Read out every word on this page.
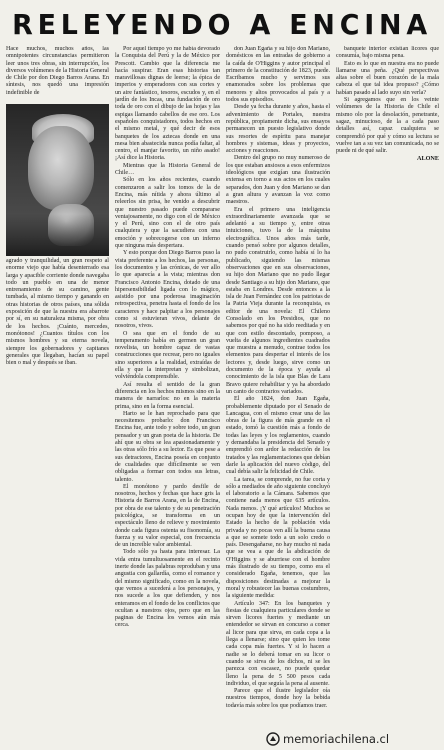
RELEYENDO A ENCINA
Hace muchos, muchos años, las omnipotentes circunstancias permitieron leer unos tres obras, sin interrupción, los diversos volúmenes de la Historia General de Chile por don Diego Barros Arana. En síntesis, nos quedó una impresión indefinible de
agrado y tranquilidad, un gran respeto al enorme viejo que había desenterrado esa larga y apacible corriente donde navegaba todo un pueblo en una de menor entrenamiento de su camino, gente tumbada, al mismo tiempo y ganando en otras historias de otros países, una sólida exposición de que la nuestra era abarrote por sí, en su naturaleza misma, por obra de los hechos. ¡Cuánto, mercedes, monótonos! ¿Cuantos títulos con los mismos hombres y su eterna novela, siempre los gobernadores y capitanes generales que llegaban, hacían su papel bien o mal y después se iban.

Por aquel tiempo yo me había devorado la Conquista del Perú y la de México por Prescott. Cambio que la diferencia me hacía suspirar. Eran esas historias tan maravillosas dignas de leerse; la épica de imperios y emperadores con sus cortes y un aire fantástico, tesoros, escudos y, en el jardín de los Incas, una fundación de oro toda de oro con el dibujo de las hojas y las espigas llamando cabellos de ese oro. Los españoles conquistadores, todos hechos en el mismo metal, y qué decir de esos banquetes de los aztecas donde en una mesa bien abastecida nunca podía faltar, al centro, el manjar favorito, un niño asado! ¡Así dice la Historia.

Mientras que la Historia General de Chile…

Sólo en los años recientes, cuando comenzaron a salir los tomos de la de Encina, más nítida y ahora último al releerlos sin prisa, he venido a descubrir que nuestro pasado puede compararse ventajosamente, no digo con el de México y el Perú, sino con el de otro país cualquiera y que la sacudiera con una emoción y sobrecogerse con un inferno que ninguna más despertara.

Y esto porque don Diego Barros puso la vista preferente a los hechos, las personas, los documentos y las crónicas, de ver allo lo que aparecía a la vista; mientras don Francisco Antonio Encina, dotado de una hipersensibilidad ligada con lo mágico, asistido por una poderosa imaginación retrospectiva, penetra hasta el fondo de los caracteres y hace palpitar a los personajes como si estuvieran vivos, delante de nosotros, vivos.

O sea que en el fondo de su temperamento había en germen un gran novelista, un hombre capaz de vastas construcciones que recrear, pero no iguales sino superiores a la realidad, extraídas de ella y que la interpretan y simbolizan, volviéndola comprensible.

Así resulta el sentido de la gran diferencia en los hechos mismos sino en la manera de narrarlos: no en la materia prima, sino en la forma esencial.

Harto se le han reprochado para que necesitemos probarlo: don Francisco Encina fue, ante todo y sobre todo, un gran pensador y un gran poeta de la historia. De ahí que su obra se lea apasionadamente y las otras sólo frío a su lector. Es que pese a sus detractores, Encina poseía en conjunto de cualidades que difícilmente se ven obligadas a formar con todos sus letras, talento.

El monótono y pardo desfile de nosotros, hechos y fechas que hace gris la Historia de Barros Arana, en la de Encina, por obra de ese talento y de su penetración psicológica, se transforma en un espectáculo lleno de relieve y movimiento donde cada figura ostenta su fisonomía, su fuerza y su valor especial, con frecuencia de un increíble valor ambiental.

Todo sólo ya hasta para interesar. La vida entra tumultuosamente en el recinto inerte donde las palabras reproduban y una angustia con gallardía, como el romance y del mismo significado, como en la novela, que vemos a sucederá a los personajes, y nos sucede a los que defienden, y nos enteramos en el fondo de los conflictos que ocultan a nuestros ojos, pero que en las paginas de Encina los vemos aún más cerca.

don Juan Egaña y su hijo don Mariano, domésticos en las entradas de gobierno a la caída de O'Higgins y autor principal el primero de la constitución de 1823, puede. Escribamos mucho y servimos sus enamorados sobre los problemas que menores y altos provocados al país y a todos sus episodios.

Desde ya fecha durante y años, hasta el advenimiento de Portales, nuestra república, propiamente dicha, sus ensayos permanecen un puesto legislativo donde sus resortes de espíritu para manejar hombres y sistemas, ideas y proyectos, acciones y reacciones.

Dentro del grupo no muy numeroso de los que estaban ansiosos a esos enfermizos ideológicos que exigían una ilustración extensa en torno a sus actos en los cuales separados, don Juan y don Mariano se dan a gran altura y avanzan la voz como maestros.

Era el primero una inteligencia extraordinariamente avanzada que se adelantó a su tiempo y, entre otras intuiciones, tuvo la de la máquina electrográfica. Unos años más tarde, cuando pensó sobre por algunos detalles, no pudo construirlo, como había sí lo ha publicado, siguiendo las mismas observaciones que en sus observaciones, su hijo don Mariano que no pudo llegar desde Santiago a su hijo don Mariano, que estaba en Londres. Desde entonces a la isla de Juan Fernández con los patriotas de la Patria Vieja durante la reconquista, es editor de una novela: El Chileno Consolado en los Presidios, que no sabemos por qué no ha sido reeditada y en que con estilo descontado, pomposo, a vuelta de algunos ingredientes cuadrados que muestra a menudo, contrae todos los elementos para despertar el interés de los lectores y, desde luego, sirve como un documento de la época y ayuda al conocimiento de la isla que Blas de Lara Bravo quiere rehabilitar y ya ha abordado un canto de contrarios variados.

El año 1824, don Juan Egaña, probablemente diputado por el Senado de Lancagua, con el mismo crear una de las obras de la figura de más grande en el estado, tomó la cuestión más a fondo de todas las leyes y los reglamentos, cuando y demandaba la presidencia del Senado y emprendió con ardor la redacción de los tratados y las reglamentaciones que debían darle la aplicación del nuevo código, del cual debía salir la felicidad de Chile.

La tarea, se comprende, no fue corta y sólo a mediados de año siguiente concluyó el laboratorio a la Cámara. Sabemos que contiene nada menos que 635 artículos. Nada menos. ¡Y qué artículos! Muchos se ocupan hoy de que la intervención del Estado la hecho de la población vida privada y no pocas ven allí la buena causa a que se somete todo a un solo credo o país. Desengañarse, no hay mucho ni nada que se vea a que de la abdicación de O'Higgins y se aburriese con el hombre más ilustrado de su tiempo, como era el considerado Egaña, tenemos, que las disposiciones destinadas a mejorar la moral y robustecer las buenas costumbres, la siguiente medida:

Artículo 347: En los banquetes y fiestas de cualquiera particulares donde se sirven licores fuertes y mediante un entendedor se sirvan en concurso a comer al licor para que sirva, en cada copa a la llega a llenarse; sino que quien les tome cada copa más fuertes. Y si lo hacen a nadie se lo deberá tomar en su licor o cuando se sirva de los dichos, ni se les parezca con escasez, no puede quedar lleno la pena de 5 500 pesos cada individuo, el que seguía la pena al ausente.

Parece que el ilustre legislador oía nuestros tiempos, donde hoy la bebida todavía más sobre los que podíamos traer.

banquete interior existían licores que consumía, bajo misma pena.

Esto es lo que en nuestra era no puede llamarse una peña. ¿Qué perspectivas altas sobre el buen corazón de la mala cabeza el que tal idea propuso? ¿Cómo habían pasado al lado suyo sin verla?

Si agregamos que en los veinte volúmenes de la Historia de Chile el mismo olo por la desolación, penetrante, sagaz, minucioso, de la a cada paso detalles así, capaz cualquiera se comprendió por qué y cómo su lectura se vuelve tan a su vez tan comunicada, no se puede ni de qué salir.

ALONE

memoriachilena.cl
